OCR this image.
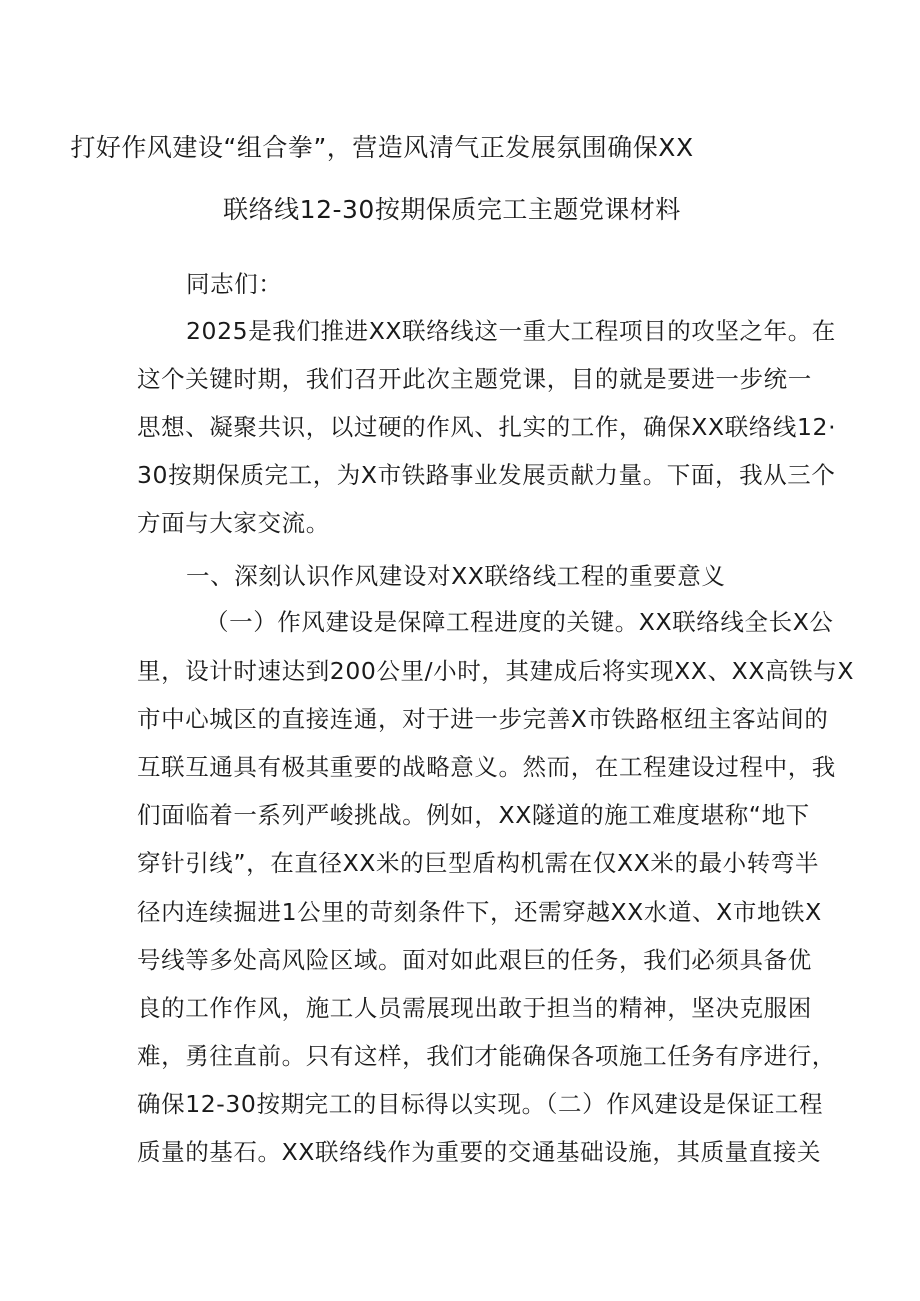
打好作风建设“组合拳”，营造风清气正发展氛围确保XX
联络线12-30按期保质完工主题党课材料
同志们：
2025是我们推进XX联络线这一重大工程项目的攻坚之年。在
这个关键时期，我们召开此次主题党课，目的就是要进一步统一
思想、凝聚共识，以过硬的作风、扎实的工作，确保XX联络线12·
30按期保质完工，为X市铁路事业发展贡献力量。下面，我从三个
方面与大家交流。
一、深刻认识作风建设对XX联络线工程的重要意义
（一）作风建设是保障工程进度的关键。XX联络线全长X公
里，设计时速达到200公里/小时，其建成后将实现XX、XX高铁与X
市中心城区的直接连通，对于进一步完善X市铁路枢纽主客站间的
互联互通具有极其重要的战略意义。然而，在工程建设过程中，我
们面临着一系列严峻挑战。例如，XX隧道的施工难度堪称“地下
穿针引线”，在直径XX米的巨型盾构机需在仅XX米的最小转弯半
径内连续掘进1公里的苛刻条件下，还需穿越XX水道、X市地铁X
号线等多处高风险区域。面对如此艰巨的任务，我们必须具备优
良的工作作风，施工人员需展现出敢于担当的精神，坚决克服困
难，勇往直前。只有这样，我们才能确保各项施工任务有序进行，
确保12-30按期完工的目标得以实现。（二）作风建设是保证工程
质量的基石。XX联络线作为重要的交通基础设施，其质量直接关
